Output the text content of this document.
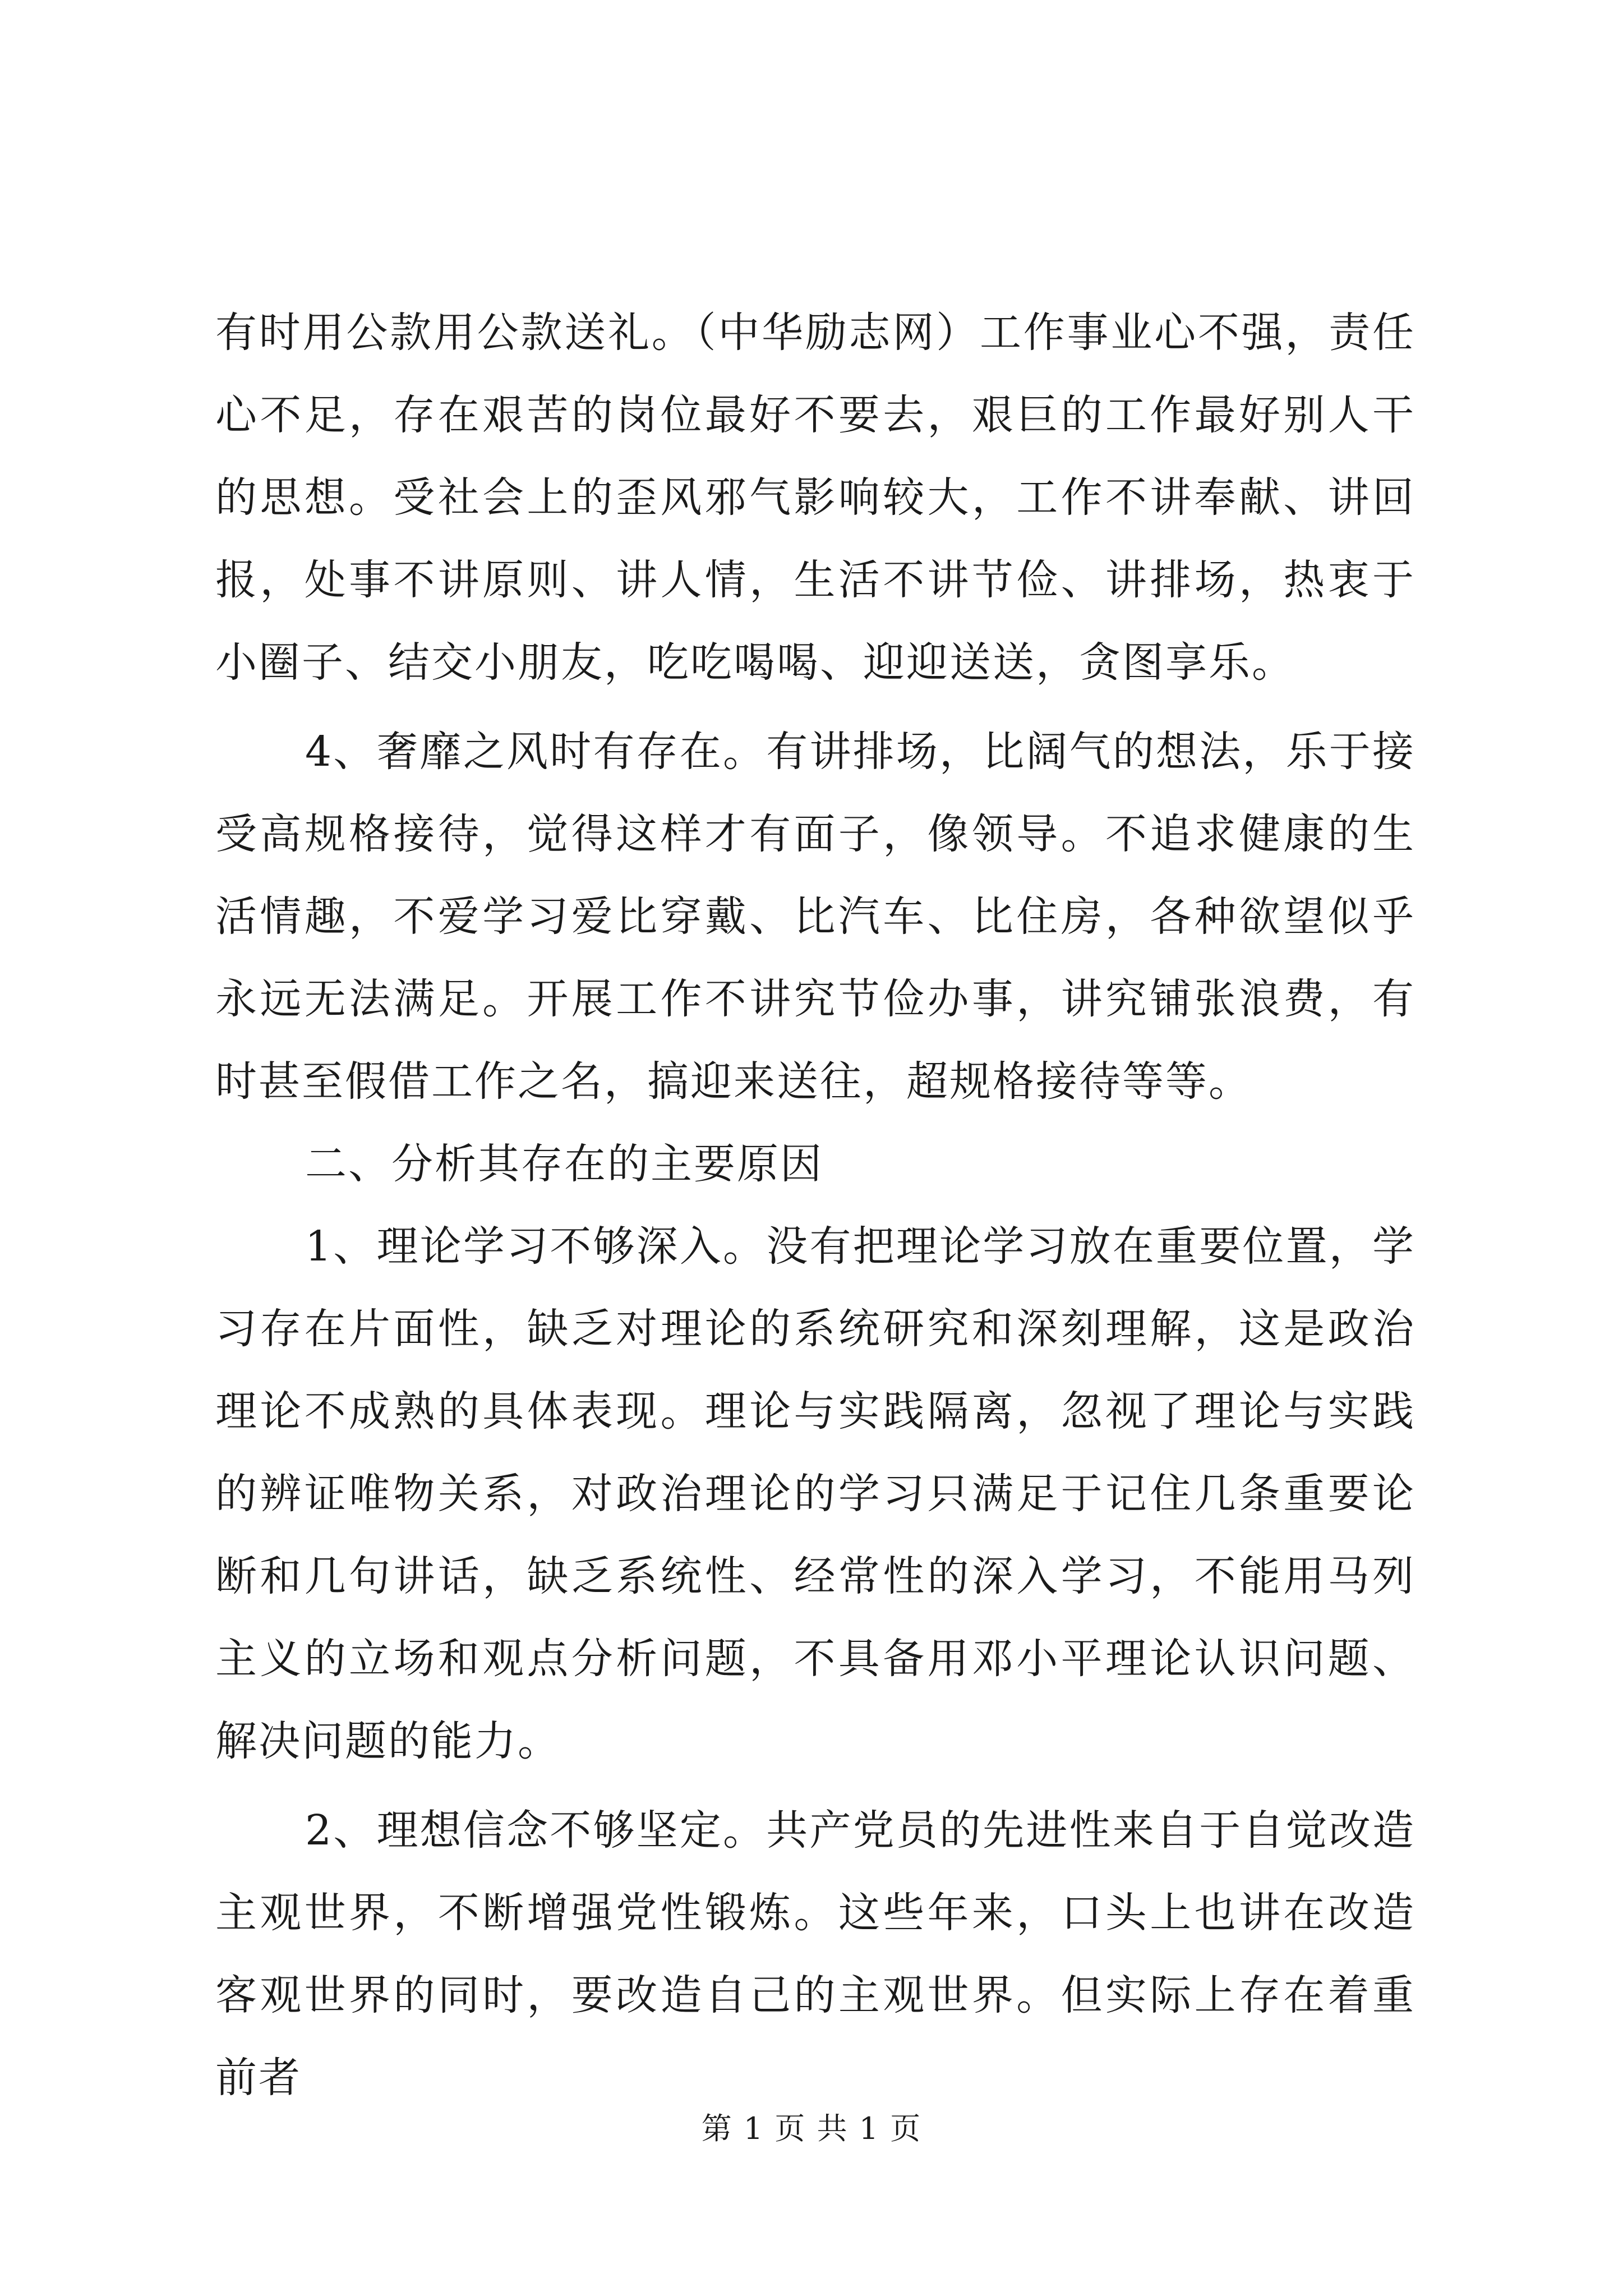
有时用公款用公款送礼。（中华励志网）工作事业心不强，责任心不足，存在艰苦的岗位最好不要去，艰巨的工作最好别人干的思想。受社会上的歪风邪气影响较大，工作不讲奉献、讲回报，处事不讲原则、讲人情，生活不讲节俭、讲排场，热衷于小圈子、结交小朋友，吃吃喝喝、迎迎送送，贪图享乐。

4、奢靡之风时有存在。有讲排场，比阔气的想法，乐于接受高规格接待，觉得这样才有面子，像领导。不追求健康的生活情趣，不爱学习爱比穿戴、比汽车、比住房，各种欲望似乎永远无法满足。开展工作不讲究节俭办事，讲究铺张浪费，有时甚至假借工作之名，搞迎来送往，超规格接待等等。

二、分析其存在的主要原因

1、理论学习不够深入。没有把理论学习放在重要位置，学习存在片面性，缺乏对理论的系统研究和深刻理解，这是政治理论不成熟的具体表现。理论与实践隔离，忽视了理论与实践的辨证唯物关系，对政治理论的学习只满足于记住几条重要论断和几句讲话，缺乏系统性、经常性的深入学习，不能用马列主义的立场和观点分析问题，不具备用邓小平理论认识问题、解决问题的能力。

2、理想信念不够坚定。共产党员的先进性来自于自觉改造主观世界，不断增强党性锻炼。这些年来，口头上也讲在改造客观世界的同时，要改造自己的主观世界。但实际上存在着重前者

第 1 页 共 1 页
